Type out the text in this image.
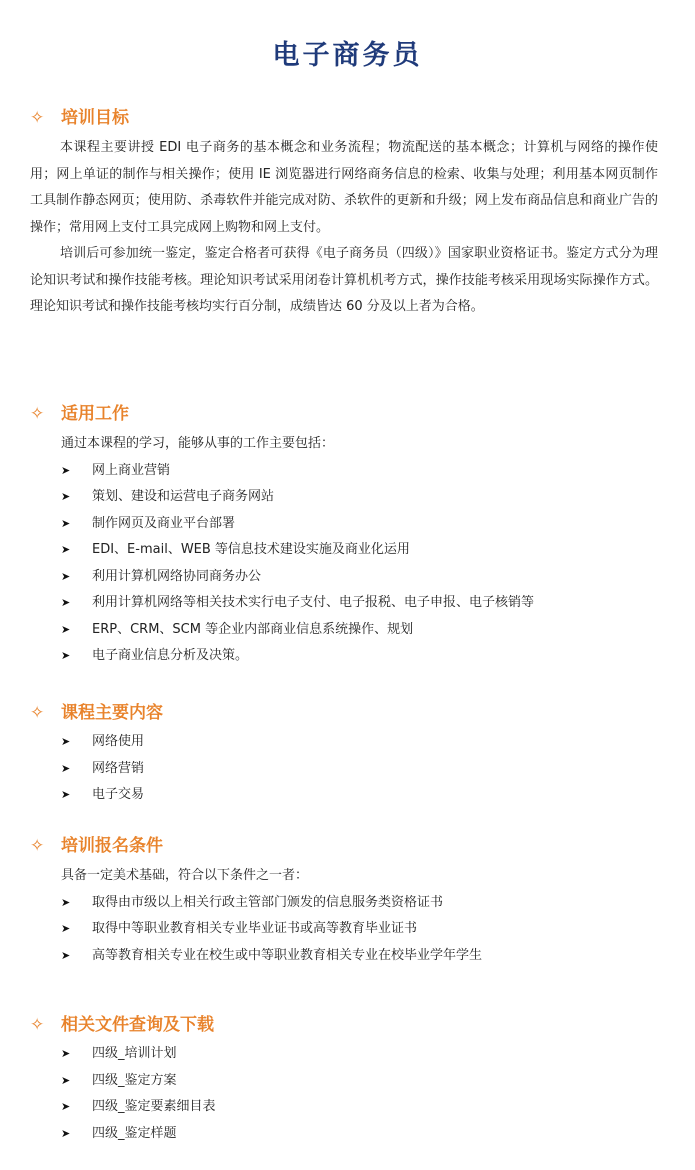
电子商务员
✧ 培训目标

本课程主要讲授 EDI 电子商务的基本概念和业务流程；物流配送的基本概念；计算机与网络的操作使用；网上单证的制作与相关操作；使用 IE 浏览器进行网络商务信息的检索、收集与处理；利用基本网页制作工具制作静态网页；使用防、杀毒软件并能完成对防、杀软件的更新和升级；网上发布商品信息和商业广告的操作；常用网上支付工具完成网上购物和网上支付。

培训后可参加统一鉴定，鉴定合格者可获得《电子商务员（四级）》国家职业资格证书。鉴定方式分为理论知识考试和操作技能考核。理论知识考试采用闭卷计算机机考方式，操作技能考核采用现场实际操作方式。理论知识考试和操作技能考核均实行百分制，成绩皆达 60 分及以上者为合格。

✧ 适用工作
通过本课程的学习，能够从事的工作主要包括：
➤ 网上商业营销
➤ 策划、建设和运营电子商务网站
➤ 制作网页及商业平台部署
➤ EDI、E-mail、WEB 等信息技术建设实施及商业化运用
➤ 利用计算机网络协同商务办公
➤ 利用计算机网络等相关技术实行电子支付、电子报税、电子申报、电子核销等
➤ ERP、CRM、SCM 等企业内部商业信息系统操作、规划
➤ 电子商业信息分析及决策。
✧ 课程主要内容
➤ 网络使用
➤ 网络营销
➤ 电子交易
✧ 培训报名条件
具备一定美术基础，符合以下条件之一者：
➤ 取得由市级以上相关行政主管部门颁发的信息服务类资格证书
➤ 取得中等职业教育相关专业毕业证书或高等教育毕业证书
➤ 高等教育相关专业在校生或中等职业教育相关专业在校毕业学年学生
✧ 相关文件查询及下载
➤ 四级_培训计划
➤ 四级_鉴定方案
➤ 四级_鉴定要素细目表
➤ 四级_鉴定样题
